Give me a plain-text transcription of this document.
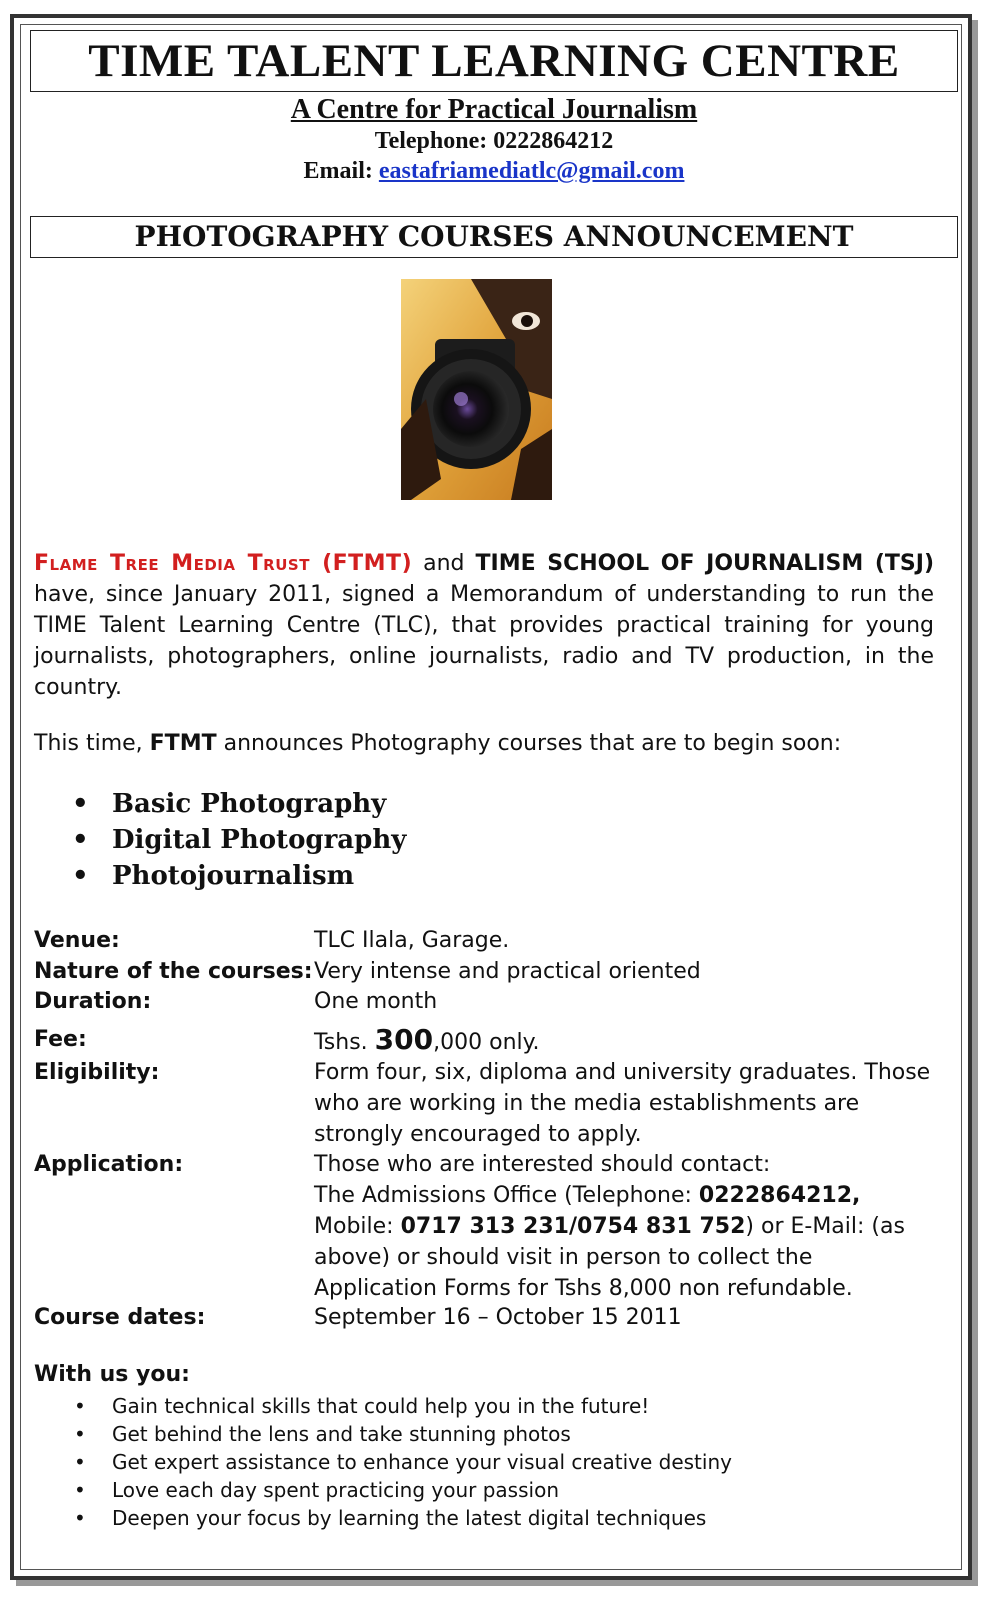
TIME TALENT LEARNING CENTRE
A Centre for Practical Journalism
Telephone: 0222864212
Email: eastafriamediatlc@gmail.com
PHOTOGRAPHY COURSES ANNOUNCEMENT
Flame Tree Media Trust (FTMT) and TIME SCHOOL OF JOURNALISM (TSJ) have, since January 2011, signed a Memorandum of understanding to run the TIME Talent Learning Centre (TLC), that provides practical training for young journalists, photographers, online journalists, radio and TV production, in the country.
This time, FTMT announces Photography courses that are to begin soon:
• Basic Photography
• Digital Photography
• Photojournalism
Venue:	TLC Ilala, Garage.
Nature of the courses: Very intense and practical oriented
Duration:	One month
Fee:	Tshs. 300,000 only.
Eligibility:	Form four, six, diploma and university graduates. Those who are working in the media establishments are strongly encouraged to apply.
Application:	Those who are interested should contact:
The Admissions Office (Telephone: 0222864212,
Mobile: 0717 313 231/0754 831 752) or E-Mail: (as
above) or should visit in person to collect the
Application Forms for Tshs 8,000 non refundable.
Course dates:	September 16 – October 15 2011
With us you:
• Gain technical skills that could help you in the future!
• Get behind the lens and take stunning photos
• Get expert assistance to enhance your visual creative destiny
• Love each day spent practicing your passion
• Deepen your focus by learning the latest digital techniques
